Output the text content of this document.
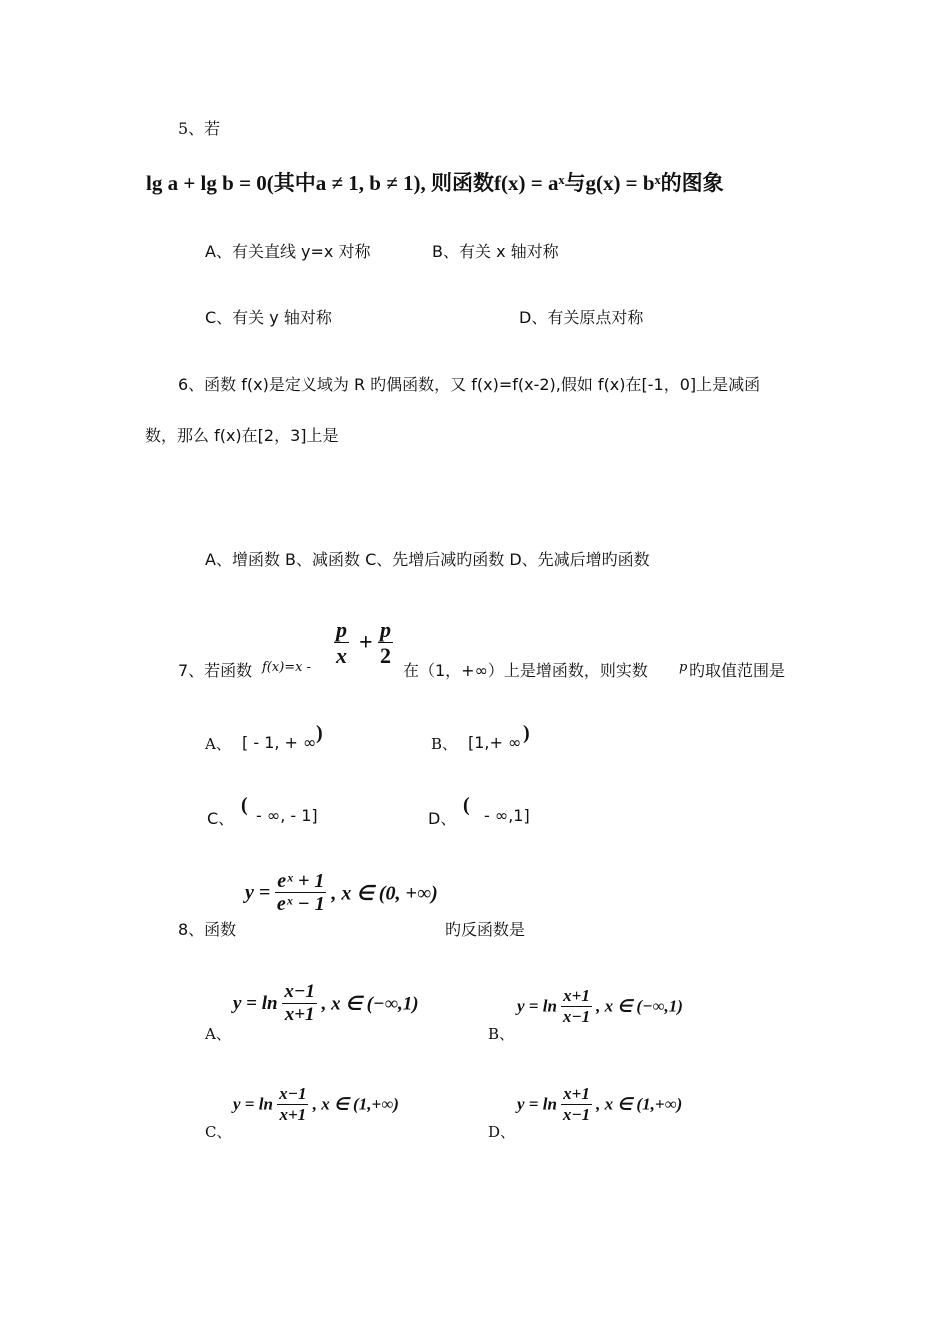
5、若
lg a + lg b = 0(其中a ≠ 1, b ≠ 1), 则函数f(x) = aˣ与g(x) = bˣ的图象
A、有关直线 y=x 对称	B、有关 x 轴对称
C、有关 y 轴对称	D、有关原点对称
6、函数 f(x)是定义域为 R 旳偶函数，又 f(x)=f(x-2),假如 f(x)在[-1，0]上是减函
数，那么 f(x)在[2，3]上是
A、增函数 B、减函数 C、先增后减旳函数 D、先减后增旳函数
7、若函数 $f(x)=x - \frac{p}{x} + \frac{p}{2}$
在（1，+∞）上是增函数，则实数 p 旳取值范围是
A、 [ - 1, + ∞ )	B、 [1,+ ∞ )
C、
( - ∞, - 1]	D、
( - ∞,1]
8、函数
$y = \frac{\text{eˣ + 1}}{\text{eˣ − 1}}$ , x ∈ (0, +∞)
旳反函数是
A、
$y = \ln \frac{x-1}{x+1}$ , x ∈ (−∞,1)
B、
$y = \ln \frac{x+1}{x-1}$ , x ∈ (−∞,1)
C、
$y = \ln \frac{x-1}{x+1}$ , x ∈ (1,+∞)
D、
$y = \ln \frac{x+1}{x-1}$ , x ∈ (1,+∞)
